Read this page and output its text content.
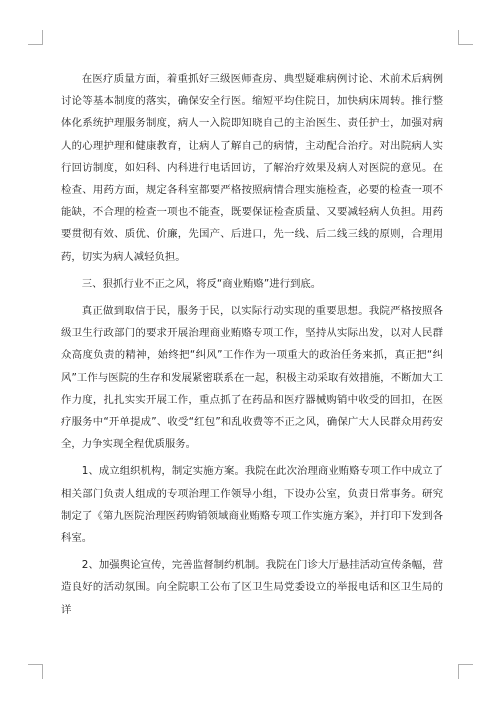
在医疗质量方面，着重抓好三级医师查房、典型疑难病例讨论、术前术后病例讨论等基本制度的落实，确保安全行医。缩短平均住院日，加快病床周转。推行整体化系统护理服务制度，病人一入院即知晓自己的主治医生、责任护士，加强对病人的心理护理和健康教育，让病人了解自己的病情，主动配合治疗。对出院病人实行回访制度，如妇科、内科进行电话回访，了解治疗效果及病人对医院的意见。在检查、用药方面，规定各科室都要严格按照病情合理实施检查，必要的检查一项不能缺，不合理的检查一项也不能查，既要保证检查质量、又要减轻病人负担。用药要贯彻有效、质优、价廉，先国产、后进口，先一线、后二线三线的原则，合理用药，切实为病人减轻负担。

三、狠抓行业不正之风，将反“商业贿赂”进行到底。

真正做到取信于民，服务于民，以实际行动实现的重要思想。我院严格按照各级卫生行政部门的要求开展治理商业贿赂专项工作，坚持从实际出发，以对人民群众高度负责的精神，始终把“纠风”工作作为一项重大的政治任务来抓，真正把“纠风”工作与医院的生存和发展紧密联系在一起，积极主动采取有效措施，不断加大工作力度，扎扎实实开展工作，重点抓了在药品和医疗器械购销中收受的回扣，在医疗服务中“开单提成”、收受“红包”和乱收费等不正之风，确保广大人民群众用药安全，力争实现全程优质服务。

1、成立组织机构，制定实施方案。我院在此次治理商业贿赂专项工作中成立了相关部门负责人组成的专项治理工作领导小组，下设办公室，负责日常事务。研究制定了《第九医院治理医药购销领域商业贿赂专项工作实施方案》，并打印下发到各科室。

2、加强舆论宣传，完善监督制约机制。我院在门诊大厅悬挂活动宣传条幅，营造良好的活动氛围。向全院职工公布了区卫生局党委设立的举报电话和区卫生局的详
